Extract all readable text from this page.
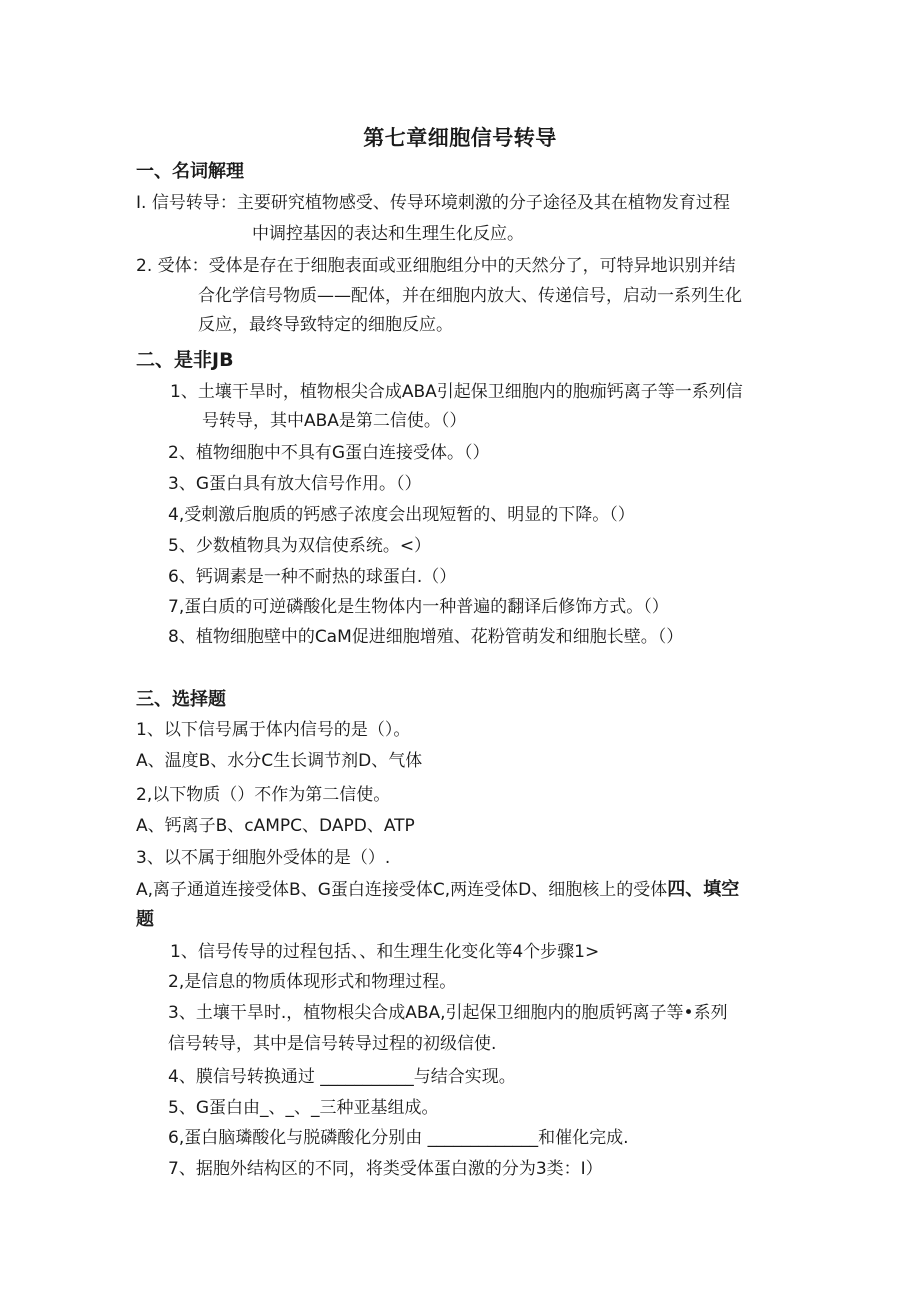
第七章细胞信号转导
一、名词解理
I. 信号转导：主要研究植物感受、传导环境刺激的分子途径及其在植物发育过程
中调控基因的表达和生理生化反应。
2. 受体：受体是存在于细胞表面或亚细胞组分中的天然分了，可特异地识别并结
合化学信号物质——配体，并在细胞内放大、传递信号，启动一系列生化
反应，最终导致特定的细胞反应。
二、是非JB
1、土壤干旱时，植物根尖合成ABA引起保卫细胞内的胞痂钙离子等一系列信
号转导，其中ABA是第二信使。（）
2、植物细胞中不具有G蛋白连接受体。（）
3、G蛋白具有放大信号作用。（）
4,受刺激后胞质的钙感子浓度会出现短暂的、明显的下降。（）
5、少数植物具为双信使系统。<）
6、钙调素是一种不耐热的球蛋白.（）
7,蛋白质的可逆磷酸化是生物体内一种普遍的翻译后修饰方式。（）
8、植物细胞壁中的CaM促进细胞增殖、花粉管萌发和细胞长壁。（）
三、选择题
1、以下信号属于体内信号的是（）。
A、温度B、水分C生长调节剂D、气体
2,以下物质（）不作为第二信使。
A、钙离子B、cAMPC、DAPD、ATP
3、以不属于细胞外受体的是（）.
A,离子通道连接受体B、G蛋白连接受体C,两连受体D、细胞核上的受体四、填空
题
1、信号传导的过程包括、、和生理生化变化等4个步骤1>
2,是信息的物质体现形式和物理过程。
3、土壤干旱时.，植物根尖合成ABA,引起保卫细胞内的胞质钙离子等•系列
信号转导，其中是信号转导过程的初级信使.
4、膜信号转换通过 ___________与结合实现。
5、G蛋白由_、_、_三种亚基组成。
6,蛋白脑璘酸化与脱磷酸化分别由 _____________和催化完成.
7、据胞外结构区的不同，将类受体蛋白激的分为3类：I）
